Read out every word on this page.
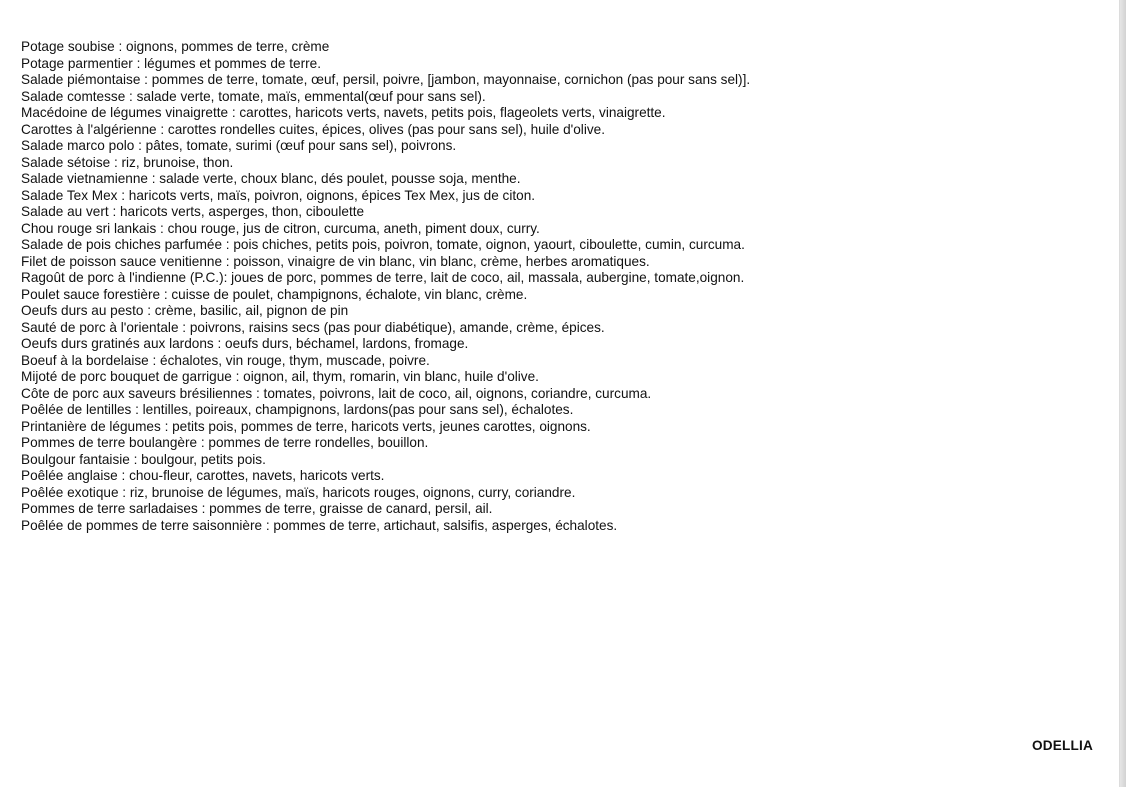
Potage soubise : oignons, pommes de terre, crème
Potage parmentier : légumes et pommes de terre.
Salade piémontaise : pommes de terre, tomate, œuf, persil, poivre, [jambon, mayonnaise, cornichon (pas pour sans sel)].
Salade comtesse : salade verte, tomate, maïs, emmental(œuf pour sans sel).
Macédoine de légumes vinaigrette : carottes, haricots verts, navets, petits pois, flageolets verts, vinaigrette.
Carottes à l'algérienne : carottes rondelles cuites, épices, olives (pas pour sans sel), huile d'olive.
Salade marco polo : pâtes, tomate, surimi (œuf pour sans sel), poivrons.
Salade sétoise : riz, brunoise, thon.
Salade vietnamienne : salade verte, choux blanc, dés poulet, pousse soja, menthe.
Salade Tex Mex : haricots verts, maïs, poivron, oignons, épices Tex Mex, jus de citon.
Salade au vert : haricots verts, asperges, thon, ciboulette
Chou rouge sri lankais : chou rouge, jus de citron, curcuma, aneth, piment doux, curry.
Salade de pois chiches parfumée : pois chiches, petits pois, poivron, tomate, oignon, yaourt, ciboulette, cumin, curcuma.
Filet de poisson sauce venitienne : poisson, vinaigre de vin blanc, vin blanc, crème, herbes aromatiques.
Ragoût de porc à l'indienne (P.C.): joues de porc, pommes de terre, lait de coco, ail, massala, aubergine, tomate,oignon.
Poulet sauce forestière : cuisse de poulet, champignons, échalote, vin blanc, crème.
Oeufs durs au pesto : crème, basilic, ail, pignon de pin
Sauté de porc à l'orientale : poivrons, raisins secs (pas pour diabétique), amande, crème, épices.
Oeufs durs gratinés aux lardons : oeufs durs, béchamel, lardons, fromage.
Boeuf à la bordelaise : échalotes, vin rouge, thym, muscade, poivre.
Mijoté de porc bouquet de garrigue : oignon, ail, thym, romarin, vin blanc, huile d'olive.
Côte de porc aux saveurs brésiliennes : tomates, poivrons, lait de coco, ail, oignons, coriandre, curcuma.
Poêlée de lentilles : lentilles, poireaux, champignons, lardons(pas pour sans sel), échalotes.
Printanière de légumes : petits pois, pommes de terre, haricots verts, jeunes carottes, oignons.
Pommes de terre boulangère : pommes de terre rondelles, bouillon.
Boulgour fantaisie : boulgour, petits pois.
Poêlée anglaise : chou-fleur, carottes, navets, haricots verts.
Poêlée exotique : riz, brunoise de légumes, maïs, haricots rouges, oignons, curry, coriandre.
Pommes de terre sarladaises : pommes de terre, graisse de canard, persil, ail.
Poêlée de pommes de terre saisonnière : pommes de terre, artichaut, salsifis, asperges, échalotes.
ODELLIA
